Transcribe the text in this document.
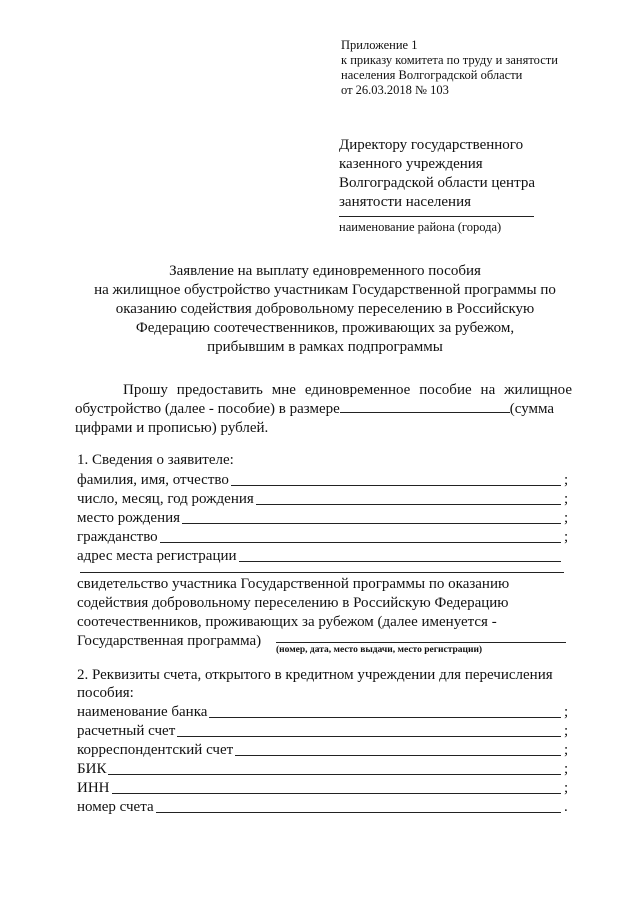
Приложение 1
к приказу комитета по труду и занятости
населения Волгоградской области
от 26.03.2018 № 103
Директору государственного
казенного учреждения
Волгоградской области центра
занятости населения
наименование района (города)
Заявление на выплату единовременного пособия
на жилищное обустройство участникам Государственной программы по
оказанию содействия добровольному переселению в Российскую
Федерацию соотечественников, проживающих за рубежом,
прибывшим в рамках подпрограммы
Прошу предоставить мне единовременное пособие на жилищное
обустройство (далее - пособие) в размере	(сумма
цифрами и прописью) рублей.
1. Сведения о заявителе:
фамилия, имя, отчество	;
число, месяц, год рождения	;
место рождения	;
гражданство	;
адрес места регистрации
свидетельство участника Государственной программы по оказанию
содействия добровольному переселению в Российскую Федерацию
соотечественников, проживающих за рубежом (далее именуется -
Государственная программа)
(номер, дата, место выдачи, место регистрации)
2. Реквизиты счета, открытого в кредитном учреждении для перечисления
пособия:
наименование банка	;
расчетный счет	;
корреспондентский счет	;
БИК	;
ИНН	;
номер счета	.
